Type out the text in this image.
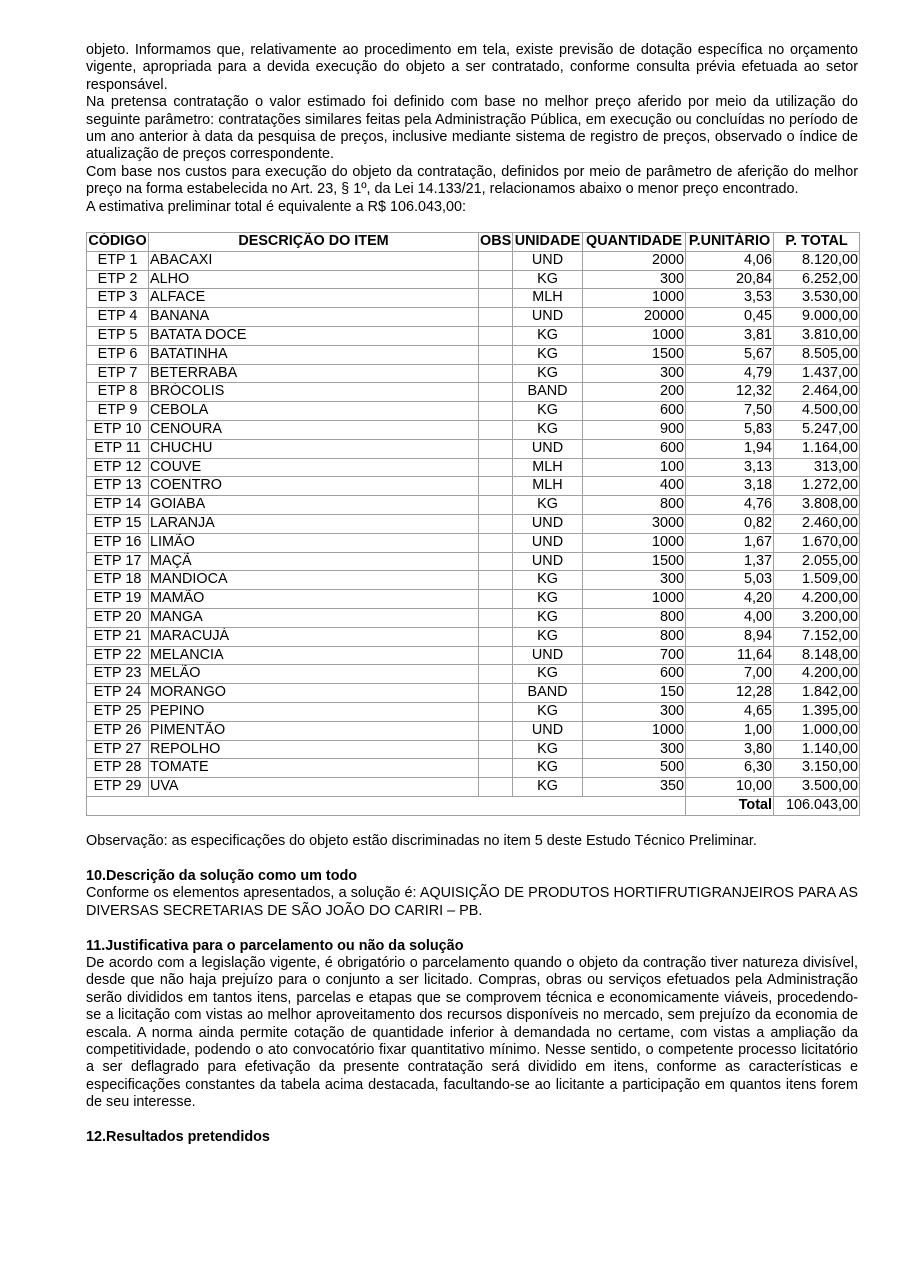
objeto. Informamos que, relativamente ao procedimento em tela, existe previsão de dotação específica no orçamento vigente, apropriada para a devida execução do objeto a ser contratado, conforme consulta prévia efetuada ao setor responsável.

Na pretensa contratação o valor estimado foi definido com base no melhor preço aferido por meio da utilização do seguinte parâmetro: contratações similares feitas pela Administração Pública, em execução ou concluídas no período de um ano anterior à data da pesquisa de preços, inclusive mediante sistema de registro de preços, observado o índice de atualização de preços correspondente.

Com base nos custos para execução do objeto da contratação, definidos por meio de parâmetro de aferição do melhor preço na forma estabelecida no Art. 23, § 1º, da Lei 14.133/21, relacionamos abaixo o menor preço encontrado.

A estimativa preliminar total é equivalente a R$ 106.043,00:

CÓDIGO	DESCRIÇÃO DO ITEM	OBS	UNIDADE	QUANTIDADE	P.UNITÁRIO	P. TOTAL
ETP 1	ABACAXI		UND	2000	4,06	8.120,00
ETP 2	ALHO		KG	300	20,84	6.252,00
ETP 3	ALFACE		MLH	1000	3,53	3.530,00
ETP 4	BANANA		UND	20000	0,45	9.000,00
ETP 5	BATATA DOCE		KG	1000	3,81	3.810,00
ETP 6	BATATINHA		KG	1500	5,67	8.505,00
ETP 7	BETERRABA		KG	300	4,79	1.437,00
ETP 8	BRÓCOLIS		BAND	200	12,32	2.464,00
ETP 9	CEBOLA		KG	600	7,50	4.500,00
ETP 10	CENOURA		KG	900	5,83	5.247,00
ETP 11	CHUCHU		UND	600	1,94	1.164,00
ETP 12	COUVE		MLH	100	3,13	313,00
ETP 13	COENTRO		MLH	400	3,18	1.272,00
ETP 14	GOIABA		KG	800	4,76	3.808,00
ETP 15	LARANJA		UND	3000	0,82	2.460,00
ETP 16	LIMÃO		UND	1000	1,67	1.670,00
ETP 17	MAÇÃ		UND	1500	1,37	2.055,00
ETP 18	MANDIOCA		KG	300	5,03	1.509,00
ETP 19	MAMÃO		KG	1000	4,20	4.200,00
ETP 20	MANGA		KG	800	4,00	3.200,00
ETP 21	MARACUJÁ		KG	800	8,94	7.152,00
ETP 22	MELANCIA		UND	700	11,64	8.148,00
ETP 23	MELÃO		KG	600	7,00	4.200,00
ETP 24	MORANGO		BAND	150	12,28	1.842,00
ETP 25	PEPINO		KG	300	4,65	1.395,00
ETP 26	PIMENTÃO		UND	1000	1,00	1.000,00
ETP 27	REPOLHO		KG	300	3,80	1.140,00
ETP 28	TOMATE		KG	500	6,30	3.150,00
ETP 29	UVA		KG	350	10,00	3.500,00
					Total	106.043,00

Observação: as especificações do objeto estão discriminadas no item 5 deste Estudo Técnico Preliminar.

10.Descrição da solução como um todo

Conforme os elementos apresentados, a solução é: AQUISIÇÃO DE PRODUTOS HORTIFRUTIGRANJEIROS PARA AS DIVERSAS SECRETARIAS DE SÃO JOÃO DO CARIRI – PB.

11.Justificativa para o parcelamento ou não da solução

De acordo com a legislação vigente, é obrigatório o parcelamento quando o objeto da contração tiver natureza divisível, desde que não haja prejuízo para o conjunto a ser licitado. Compras, obras ou serviços efetuados pela Administração serão divididos em tantos itens, parcelas e etapas que se comprovem técnica e economicamente viáveis, procedendo-se a licitação com vistas ao melhor aproveitamento dos recursos disponíveis no mercado, sem prejuízo da economia de escala. A norma ainda permite cotação de quantidade inferior à demandada no certame, com vistas a ampliação da competitividade, podendo o ato convocatório fixar quantitativo mínimo. Nesse sentido, o competente processo licitatório a ser deflagrado para efetivação da presente contratação será dividido em itens, conforme as características e especificações constantes da tabela acima destacada, facultando-se ao licitante a participação em quantos itens forem de seu interesse.

12.Resultados pretendidos
